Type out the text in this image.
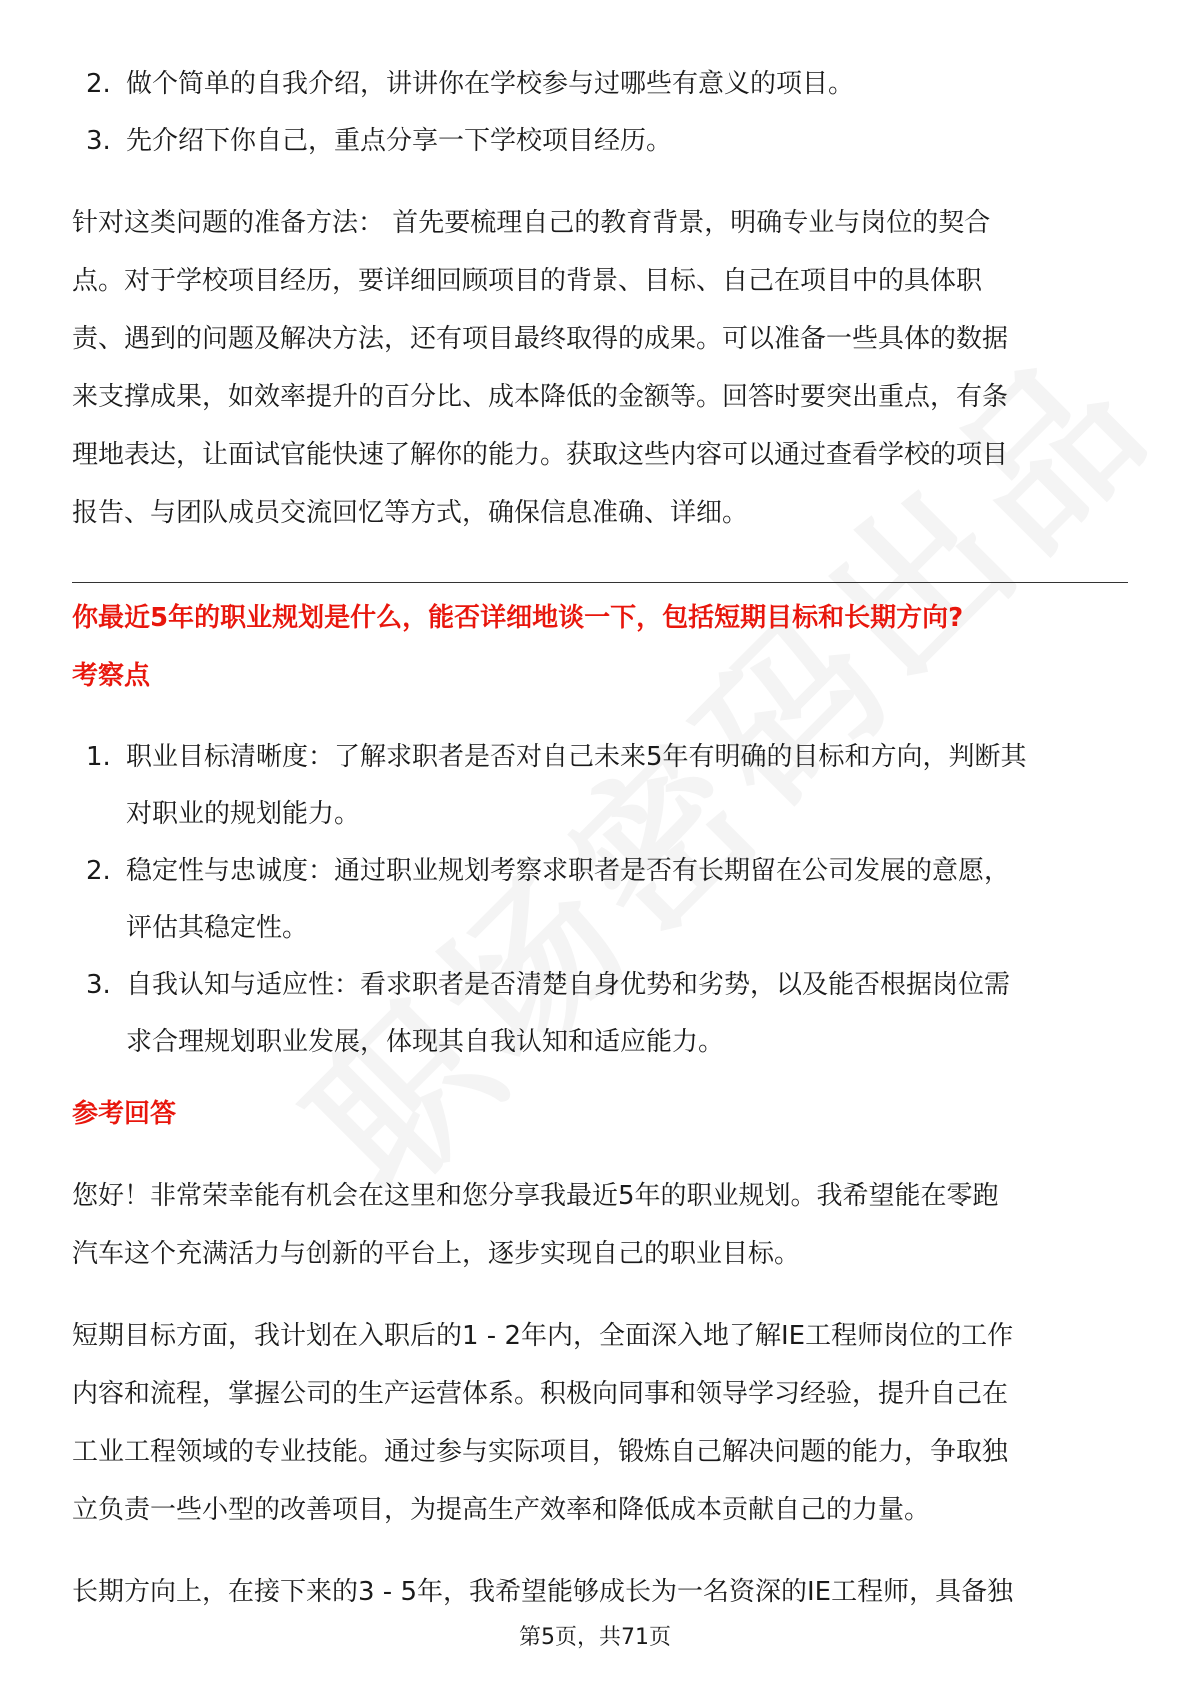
2. 做个简单的自我介绍，讲讲你在学校参与过哪些有意义的项目。
3. 先介绍下你自己，重点分享一下学校项目经历。

针对这类问题的准备方法： 首先要梳理自己的教育背景，明确专业与岗位的契合

点。对于学校项目经历，要详细回顾项目的背景、目标、自己在项目中的具体职

责、遇到的问题及解决方法，还有项目最终取得的成果。可以准备一些具体的数据

来支撑成果，如效率提升的百分比、成本降低的金额等。回答时要突出重点，有条

理地表达，让面试官能快速了解你的能力。获取这些内容可以通过查看学校的项目

报告、与团队成员交流回忆等方式，确保信息准确、详细。

你最近5年的职业规划是什么，能否详细地谈一下，包括短期目标和长期方向?

考察点

1. 职业目标清晰度：了解求职者是否对自己未来5年有明确的目标和方向，判断其
对职业的规划能力。
2. 稳定性与忠诚度：通过职业规划考察求职者是否有长期留在公司发展的意愿，
评估其稳定性。
3. 自我认知与适应性：看求职者是否清楚自身优势和劣势，以及能否根据岗位需
求合理规划职业发展，体现其自我认知和适应能力。

参考回答

您好！非常荣幸能有机会在这里和您分享我最近5年的职业规划。我希望能在零跑

汽车这个充满活力与创新的平台上，逐步实现自己的职业目标。

短期目标方面，我计划在入职后的1 - 2年内，全面深入地了解IE工程师岗位的工作

内容和流程，掌握公司的生产运营体系。积极向同事和领导学习经验，提升自己在

工业工程领域的专业技能。通过参与实际项目，锻炼自己解决问题的能力，争取独

立负责一些小型的改善项目，为提高生产效率和降低成本贡献自己的力量。

长期方向上，在接下来的3 - 5年，我希望能够成长为一名资深的IE工程师，具备独

第5页，共71页
